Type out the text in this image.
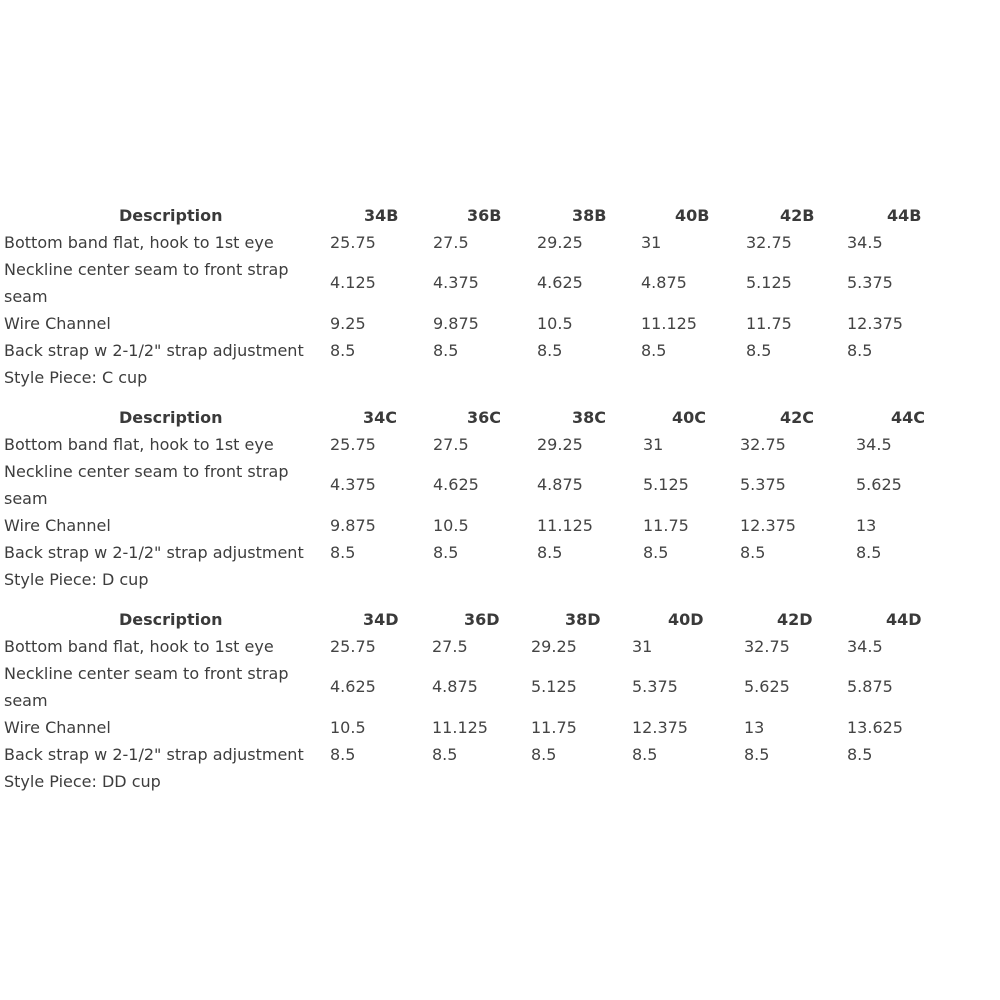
Description	34B	36B	38B	40B	42B	44B
Bottom band flat, hook to 1st eye	25.75	27.5	29.25	31	32.75	34.5
Neckline center seam to front strap
seam
4.125	4.375	4.625	4.875	5.125	5.375
Wire Channel	9.25	9.875	10.5	11.125	11.75	12.375
Back strap w 2-1/2" strap adjustment 8.5	8.5	8.5	8.5	8.5	8.5
Style Piece: C cup
Description	34C	36C	38C	40C	42C	44C
Bottom band flat, hook to 1st eye	25.75	27.5	29.25	31	32.75	34.5
Neckline center seam to front strap
seam
4.375	4.625	4.875	5.125	5.375	5.625
Wire Channel	9.875	10.5	11.125	11.75	12.375	13
Back strap w 2-1/2" strap adjustment 8.5	8.5	8.5	8.5	8.5	8.5
Style Piece: D cup
Description	34D	36D	38D	40D	42D	44D
Bottom band flat, hook to 1st eye	25.75	27.5	29.25	31	32.75	34.5
Neckline center seam to front strap
seam
4.625	4.875	5.125	5.375	5.625	5.875
Wire Channel	10.5	11.125	11.75	12.375	13	13.625
Back strap w 2-1/2" strap adjustment 8.5	8.5	8.5	8.5	8.5	8.5
Style Piece: DD cup
